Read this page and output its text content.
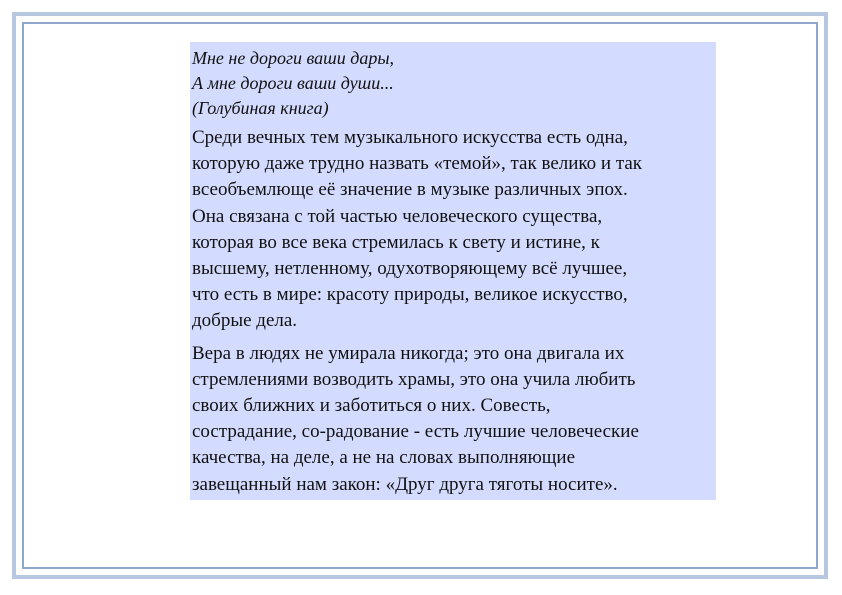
Мне не дороги ваши дары,
А мне дороги ваши души...
(Голубиная книга)

Среди вечных тем музыкального искусства есть одна,
которую даже трудно назвать «темой», так велико и так
всеобъемлюще её значение в музыке различных эпох.
Она связана с той частью человеческого существа,
которая во все века стремилась к свету и истине, к
высшему, нетленному, одухотворяющему всё лучшее,
что есть в мире: красоту природы, великое искусство,
добрые дела.

Вера в людях не умирала никогда; это она двигала их
стремлениями возводить храмы, это она учила любить
своих ближних и заботиться о них. Совесть,
сострадание, со-радование - есть лучшие человеческие
качества, на деле, а не на словах выполняющие
завещанный нам закон: «Друг друга тяготы носите».
